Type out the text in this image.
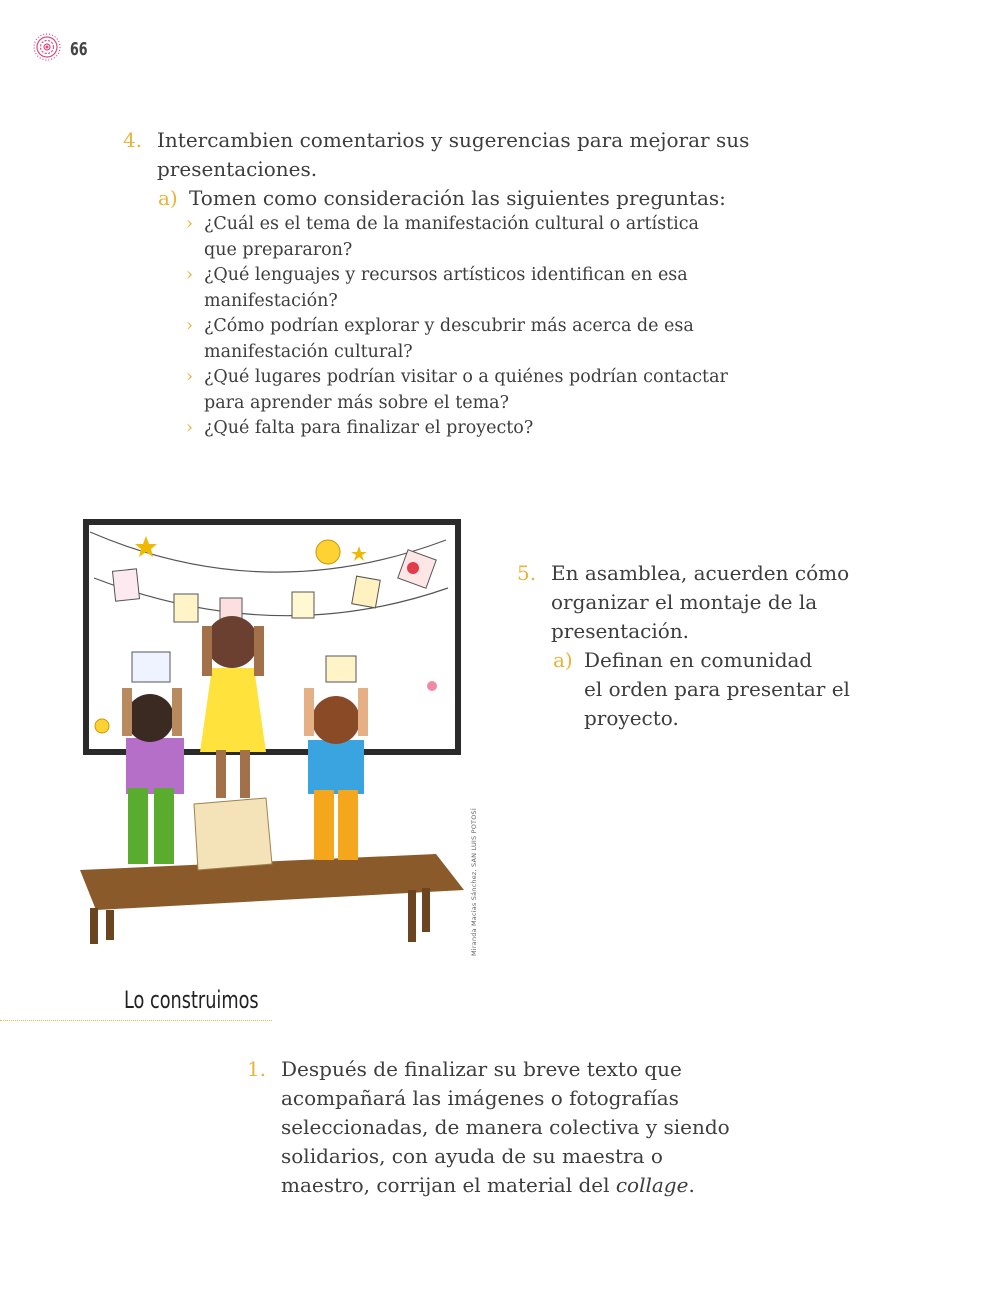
66
4. Intercambien comentarios y sugerencias para mejorar sus
presentaciones.
a) Tomen como consideración las siguientes preguntas:
› ¿Cuál es el tema de la manifestación cultural o artística
que prepararon?
› ¿Qué lenguajes y recursos artísticos identifican en esa
manifestación?
› ¿Cómo podrían explorar y descubrir más acerca de esa
manifestación cultural?
› ¿Qué lugares podrían visitar o a quiénes podrían contactar
para aprender más sobre el tema?
› ¿Qué falta para finalizar el proyecto?
Miranda Macias Sánchez, SAN LUIS POTOSÍ
5. En asamblea, acuerden cómo
organizar el montaje de la
presentación.
a) Definan en comunidad
el orden para presentar el
proyecto.
Lo construimos
1. Después de finalizar su breve texto que
acompañará las imágenes o fotografías
seleccionadas, de manera colectiva y siendo
solidarios, con ayuda de su maestra o
maestro, corrijan el material del collage.
